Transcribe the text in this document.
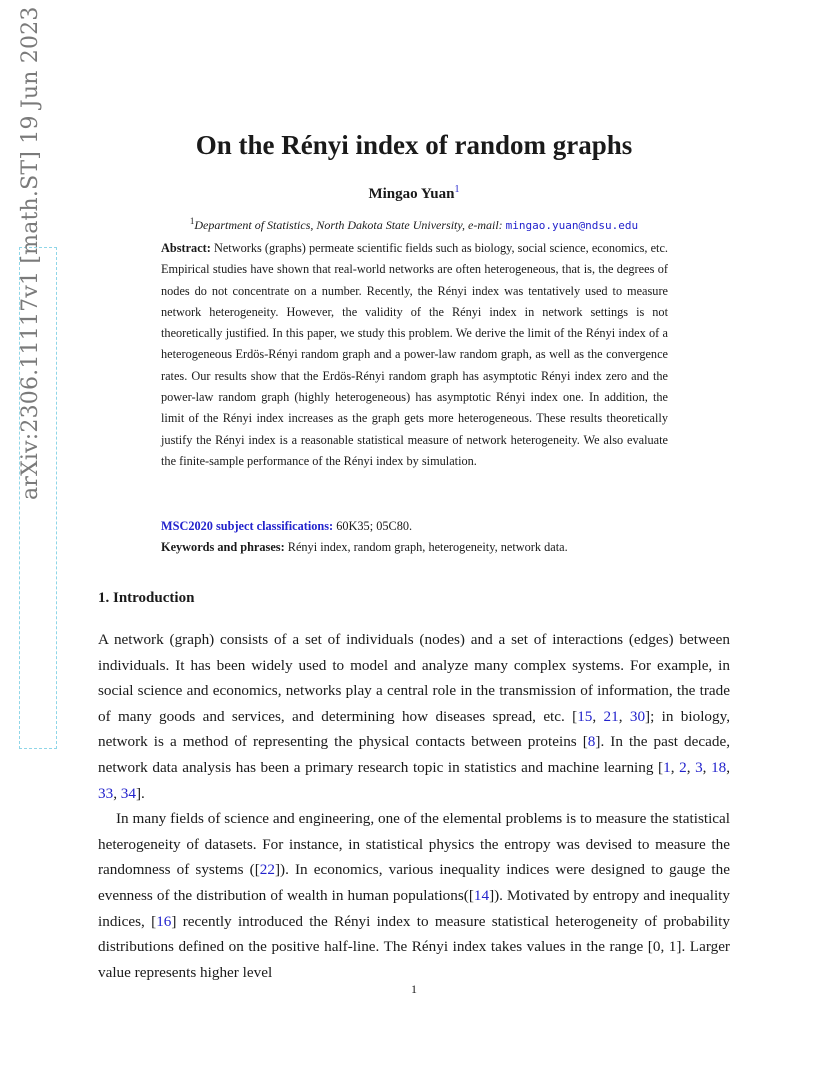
arXiv:2306.11117v1 [math.ST] 19 Jun 2023	On the Rényi index of random graphs
Mingao Yuan$^1$
$^1$Department of Statistics, North Dakota State University, e-mail: mingao.yuan@ndsu.edu
Abstract: Networks (graphs) permeate scientific fields such as biology, social science, economics, etc. Empirical studies have shown that real-world networks are often heterogeneous, that is, the degrees of nodes do not concentrate on a number. Recently, the Rényi index was tentatively used to measure network heterogeneity. However, the validity of the Rényi index in network settings is not theoretically justified. In this paper, we study this problem. We derive the limit of the Rényi index of a heterogeneous Erdös-Rényi random graph and a power-law random graph, as well as the convergence rates. Our results show that the Erdös-Rényi random graph has asymptotic Rényi index zero and the power-law random graph (highly heterogeneous) has asymptotic Rényi index one. In addition, the limit of the Rényi index increases as the graph gets more heterogeneous. These results theoretically justify the Rényi index is a reasonable statistical measure of network heterogeneity. We also evaluate the finite-sample performance of the Rényi index by simulation.
MSC2020 subject classifications: 60K35; 05C80.
Keywords and phrases: Rényi index, random graph, heterogeneity, network data.
1. Introduction

A network (graph) consists of a set of individuals (nodes) and a set of interactions (edges) between individuals. It has been widely used to model and analyze many complex systems. For example, in social science and economics, networks play a central role in the transmission of information, the trade of many goods and services, and determining how diseases spread, etc. [15, 21, 30]; in biology, network is a method of representing the physical contacts between proteins [8]. In the past decade, network data analysis has been a primary research topic in statistics and machine learning [1, 2, 3, 18, 33, 34].

In many fields of science and engineering, one of the elemental problems is to measure the statistical heterogeneity of datasets. For instance, in statistical physics the entropy was devised to measure the randomness of systems ([22]). In economics, various inequality indices were designed to gauge the evenness of the distribution of wealth in human populations([14]). Motivated by entropy and inequality indices, [16] recently introduced the Rényi index to measure statistical heterogeneity of probability distributions defined on the positive half-line. The Rényi index takes values in the range [0, 1]. Larger value represents higher level

1
